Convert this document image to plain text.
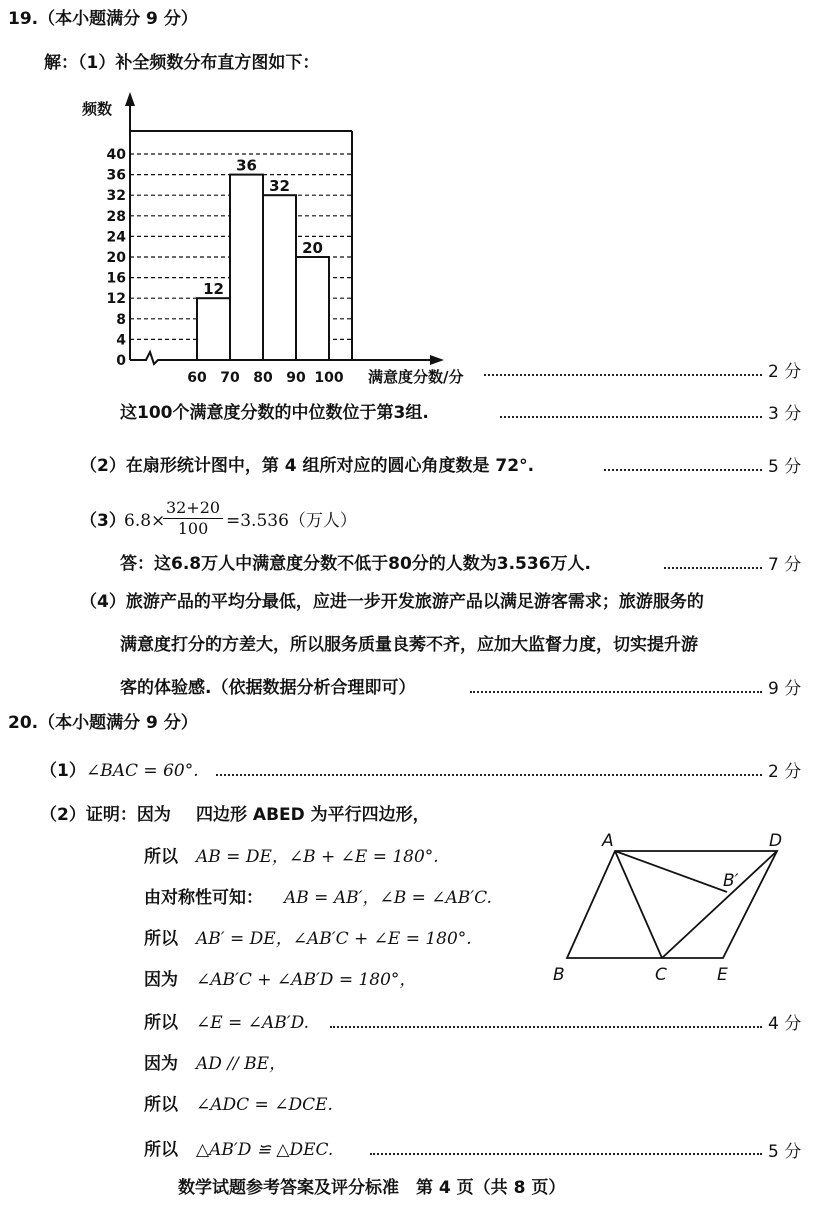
19.（本小题满分 9 分）
解：（1）补全频数分布直方图如下：
频数
满意度分数/分
0
4
8
12
16
20
24
28
32
36
40
60 70 80 90 100
12
36
32
20
2 分
这100个满意度分数的中位数位于第3组.	3 分
（2）在扇形统计图中，第 4 组所对应的圆心角度数是 72°.	5 分
（3）
6.8×
$\frac{32+20}{100} =3.536$（万人）
答：这6.8万人中满意度分数不低于80分的人数为3.536万人.	7 分
（4）旅游产品的平均分最低，应进一步开发旅游产品以满足游客需求；旅游服务的
满意度打分的方差大，所以服务质量良莠不齐，应加大监督力度，切实提升游
客的体验感.（依据数据分析合理即可）	9 分
20.（本小题满分 9 分）
（1） ∠BAC = 60°.	2 分
（2）证明：因为 四边形 ABED 为平行四边形，
所以 AB = DE，∠B + ∠E = 180°.
由对称性可知： AB = AB′，∠B = ∠AB′C.
所以 AB′ = DE，∠AB′C + ∠E = 180°.
因为 ∠AB′C + ∠AB′D = 180°，
所以 ∠E = ∠AB′D.	4 分
因为 AD // BE，
所以 ∠ADC = ∠DCE.
所以 △AB′D ≌ △DEC.	5 分
A	D
B′
B	C	E
数学试题参考答案及评分标准　第 4 页（共 8 页）
